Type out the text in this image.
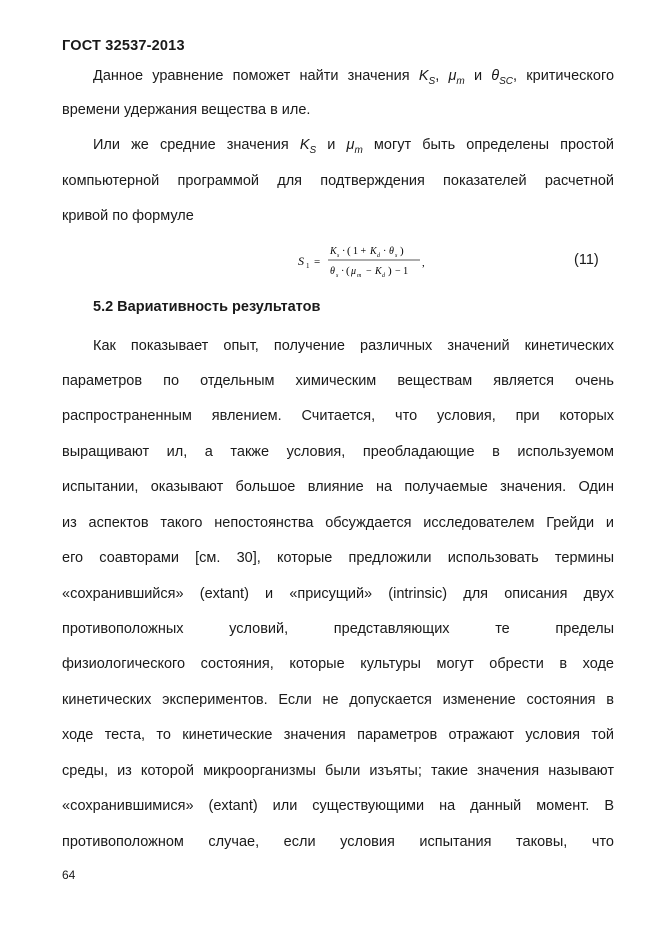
ГОСТ 32537-2013
Данное уравнение поможет найти значения $K_S$, $\mu_m$ и $\theta_{SC}$, критического
времени удержания вещества в иле.
Или же средние значения $K_S$ и $\mu_m$ могут быть определены простой
компьютерной программой для подтверждения показателей расчетной
кривой по формуле
S 1 =
K s · ( 1 + K d · θ s )
θ s · ( μ m − K d ) − 1
,	(11)
5.2 Вариативность результатов
Как показывает опыт, получение различных значений кинетических
параметров по отдельным химическим веществам является очень
распространенным явлением. Считается, что условия, при которых
выращивают ил, а также условия, преобладающие в используемом
испытании, оказывают большое влияние на получаемые значения. Один
из аспектов такого непостоянства обсуждается исследователем Грейди и
его соавторами [см. 30], которые предложили использовать термины
«сохранившийся» (extant) и «присущий» (intrinsic) для описания двух
противоположных условий, представляющих те пределы
физиологического состояния, которые культуры могут обрести в ходе
кинетических экспериментов. Если не допускается изменение состояния в
ходе теста, то кинетические значения параметров отражают условия той
среды, из которой микроорганизмы были изъяты; такие значения называют
«сохранившимися» (extant) или существующими на данный момент. В
противоположном случае, если условия испытания таковы, что
64
